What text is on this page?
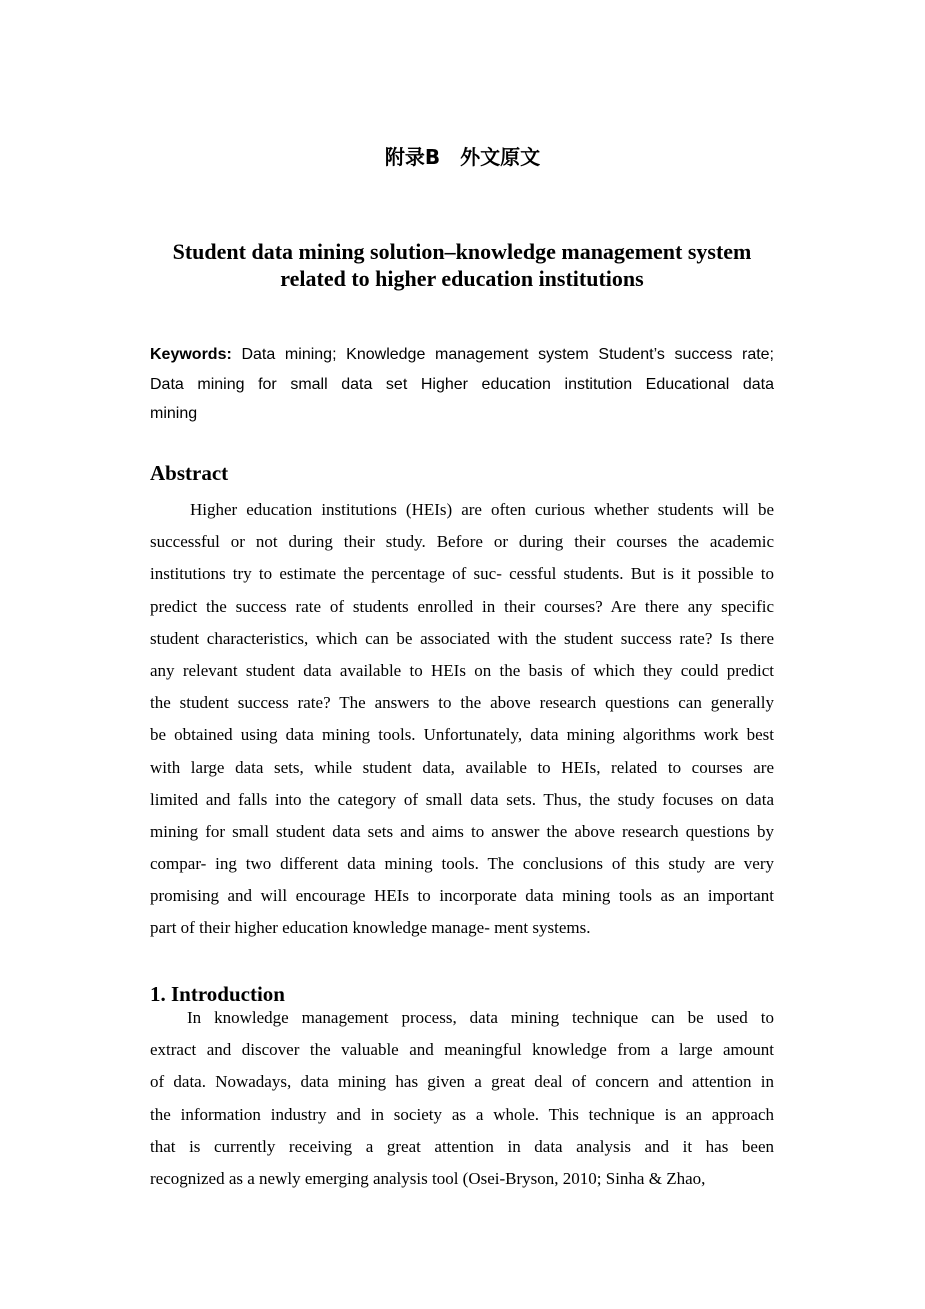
附录B　外文原文
Student data mining solution–knowledge management system
related to higher education institutions
Keywords: Data mining; Knowledge management system Student’s success rate;
Data mining for small data set Higher education institution Educational data
mining
Abstract
Higher education institutions (HEIs) are often curious whether students will be
successful or not during their study. Before or during their courses the academic
institutions try to estimate the percentage of suc- cessful students. But is it possible to
predict the success rate of students enrolled in their courses? Are there any specific
student characteristics, which can be associated with the student success rate? Is there
any relevant student data available to HEIs on the basis of which they could predict
the student success rate? The answers to the above research questions can generally
be obtained using data mining tools. Unfortunately, data mining algorithms work best
with large data sets, while student data, available to HEIs, related to courses are
limited and falls into the category of small data sets. Thus, the study focuses on data
mining for small student data sets and aims to answer the above research questions by
compar- ing two different data mining tools. The conclusions of this study are very
promising and will encourage HEIs to incorporate data mining tools as an important
part of their higher education knowledge manage- ment systems.
1. Introduction
In knowledge management process, data mining technique can be used to
extract and discover the valuable and meaningful knowledge from a large amount
of data. Nowadays, data mining has given a great deal of concern and attention in
the information industry and in society as a whole. This technique is an approach
that is currently receiving a great attention in data analysis and it has been
recognized as a newly emerging analysis tool (Osei-Bryson, 2010; Sinha & Zhao,
